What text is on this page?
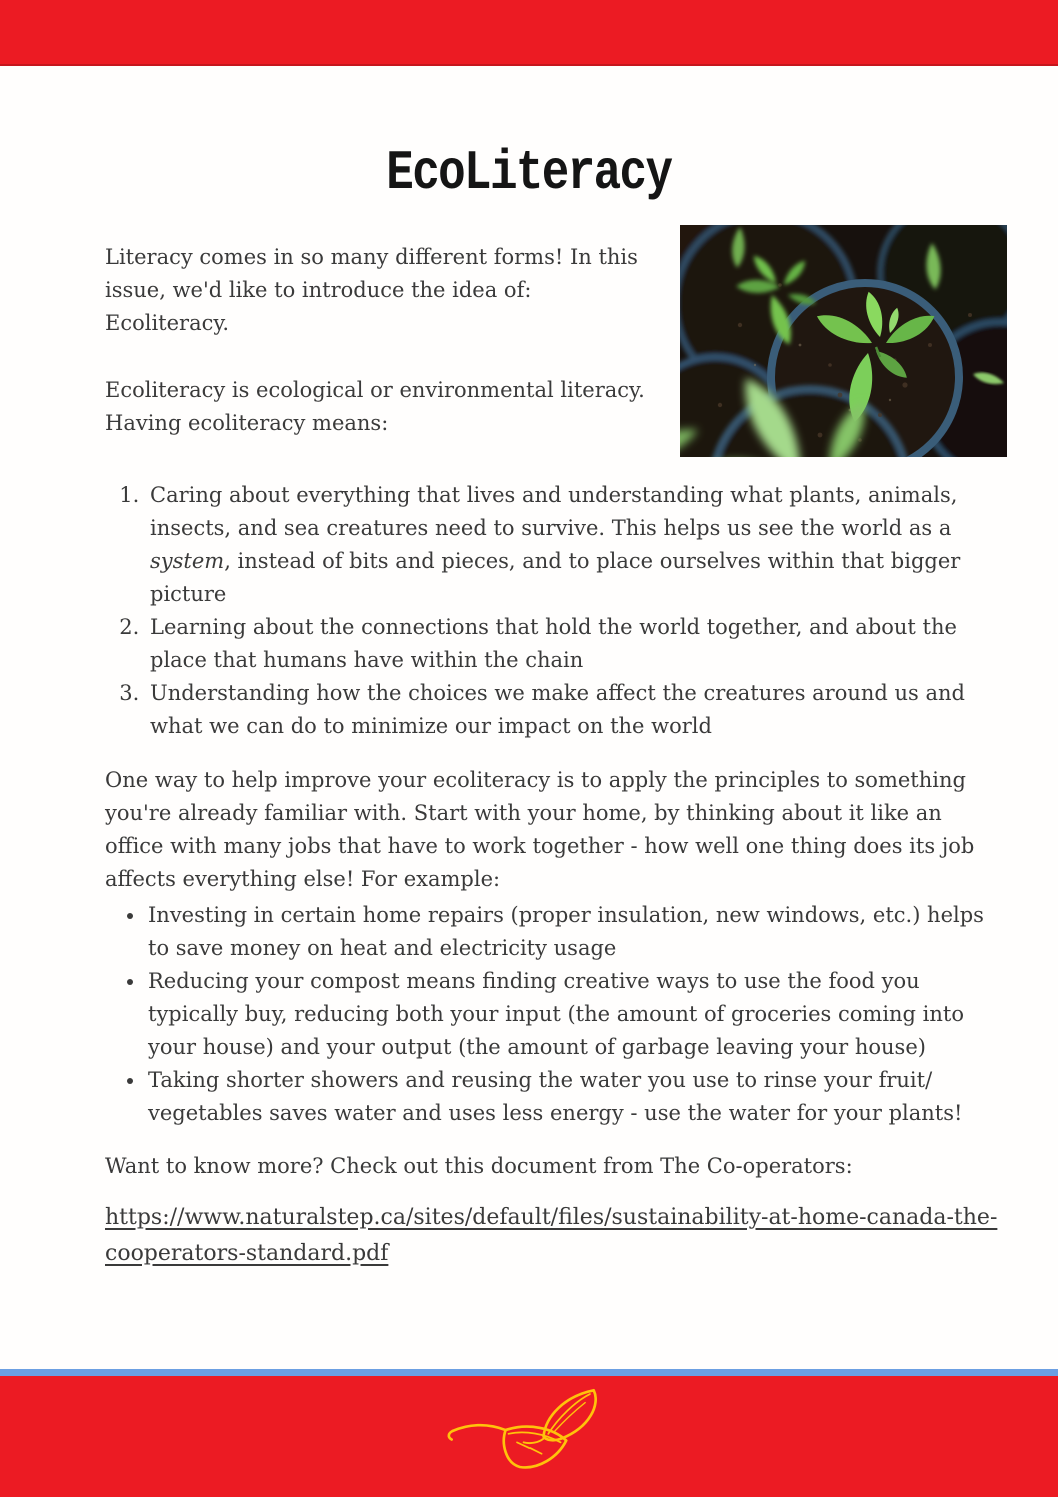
EcoLiteracy

Literacy comes in so many different forms! In this issue, we'd like to introduce the idea of: Ecoliteracy.

Ecoliteracy is ecological or environmental literacy. Having ecoliteracy means:

1. Caring about everything that lives and understanding what plants, animals, insects, and sea creatures need to survive. This helps us see the world as a system, instead of bits and pieces, and to place ourselves within that bigger picture
2. Learning about the connections that hold the world together, and about the place that humans have within the chain
3. Understanding how the choices we make affect the creatures around us and what we can do to minimize our impact on the world

One way to help improve your ecoliteracy is to apply the principles to something you're already familiar with. Start with your home, by thinking about it like an office with many jobs that have to work together - how well one thing does its job affects everything else! For example:

• Investing in certain home repairs (proper insulation, new windows, etc.) helps to save money on heat and electricity usage
• Reducing your compost means finding creative ways to use the food you typically buy, reducing both your input (the amount of groceries coming into your house) and your output (the amount of garbage leaving your house)
• Taking shorter showers and reusing the water you use to rinse your fruit/ vegetables saves water and uses less energy - use the water for your plants!

Want to know more? Check out this document from The Co-operators:

https://www.naturalstep.ca/sites/default/files/sustainability-at-home-canada-the-cooperators-standard.pdf
